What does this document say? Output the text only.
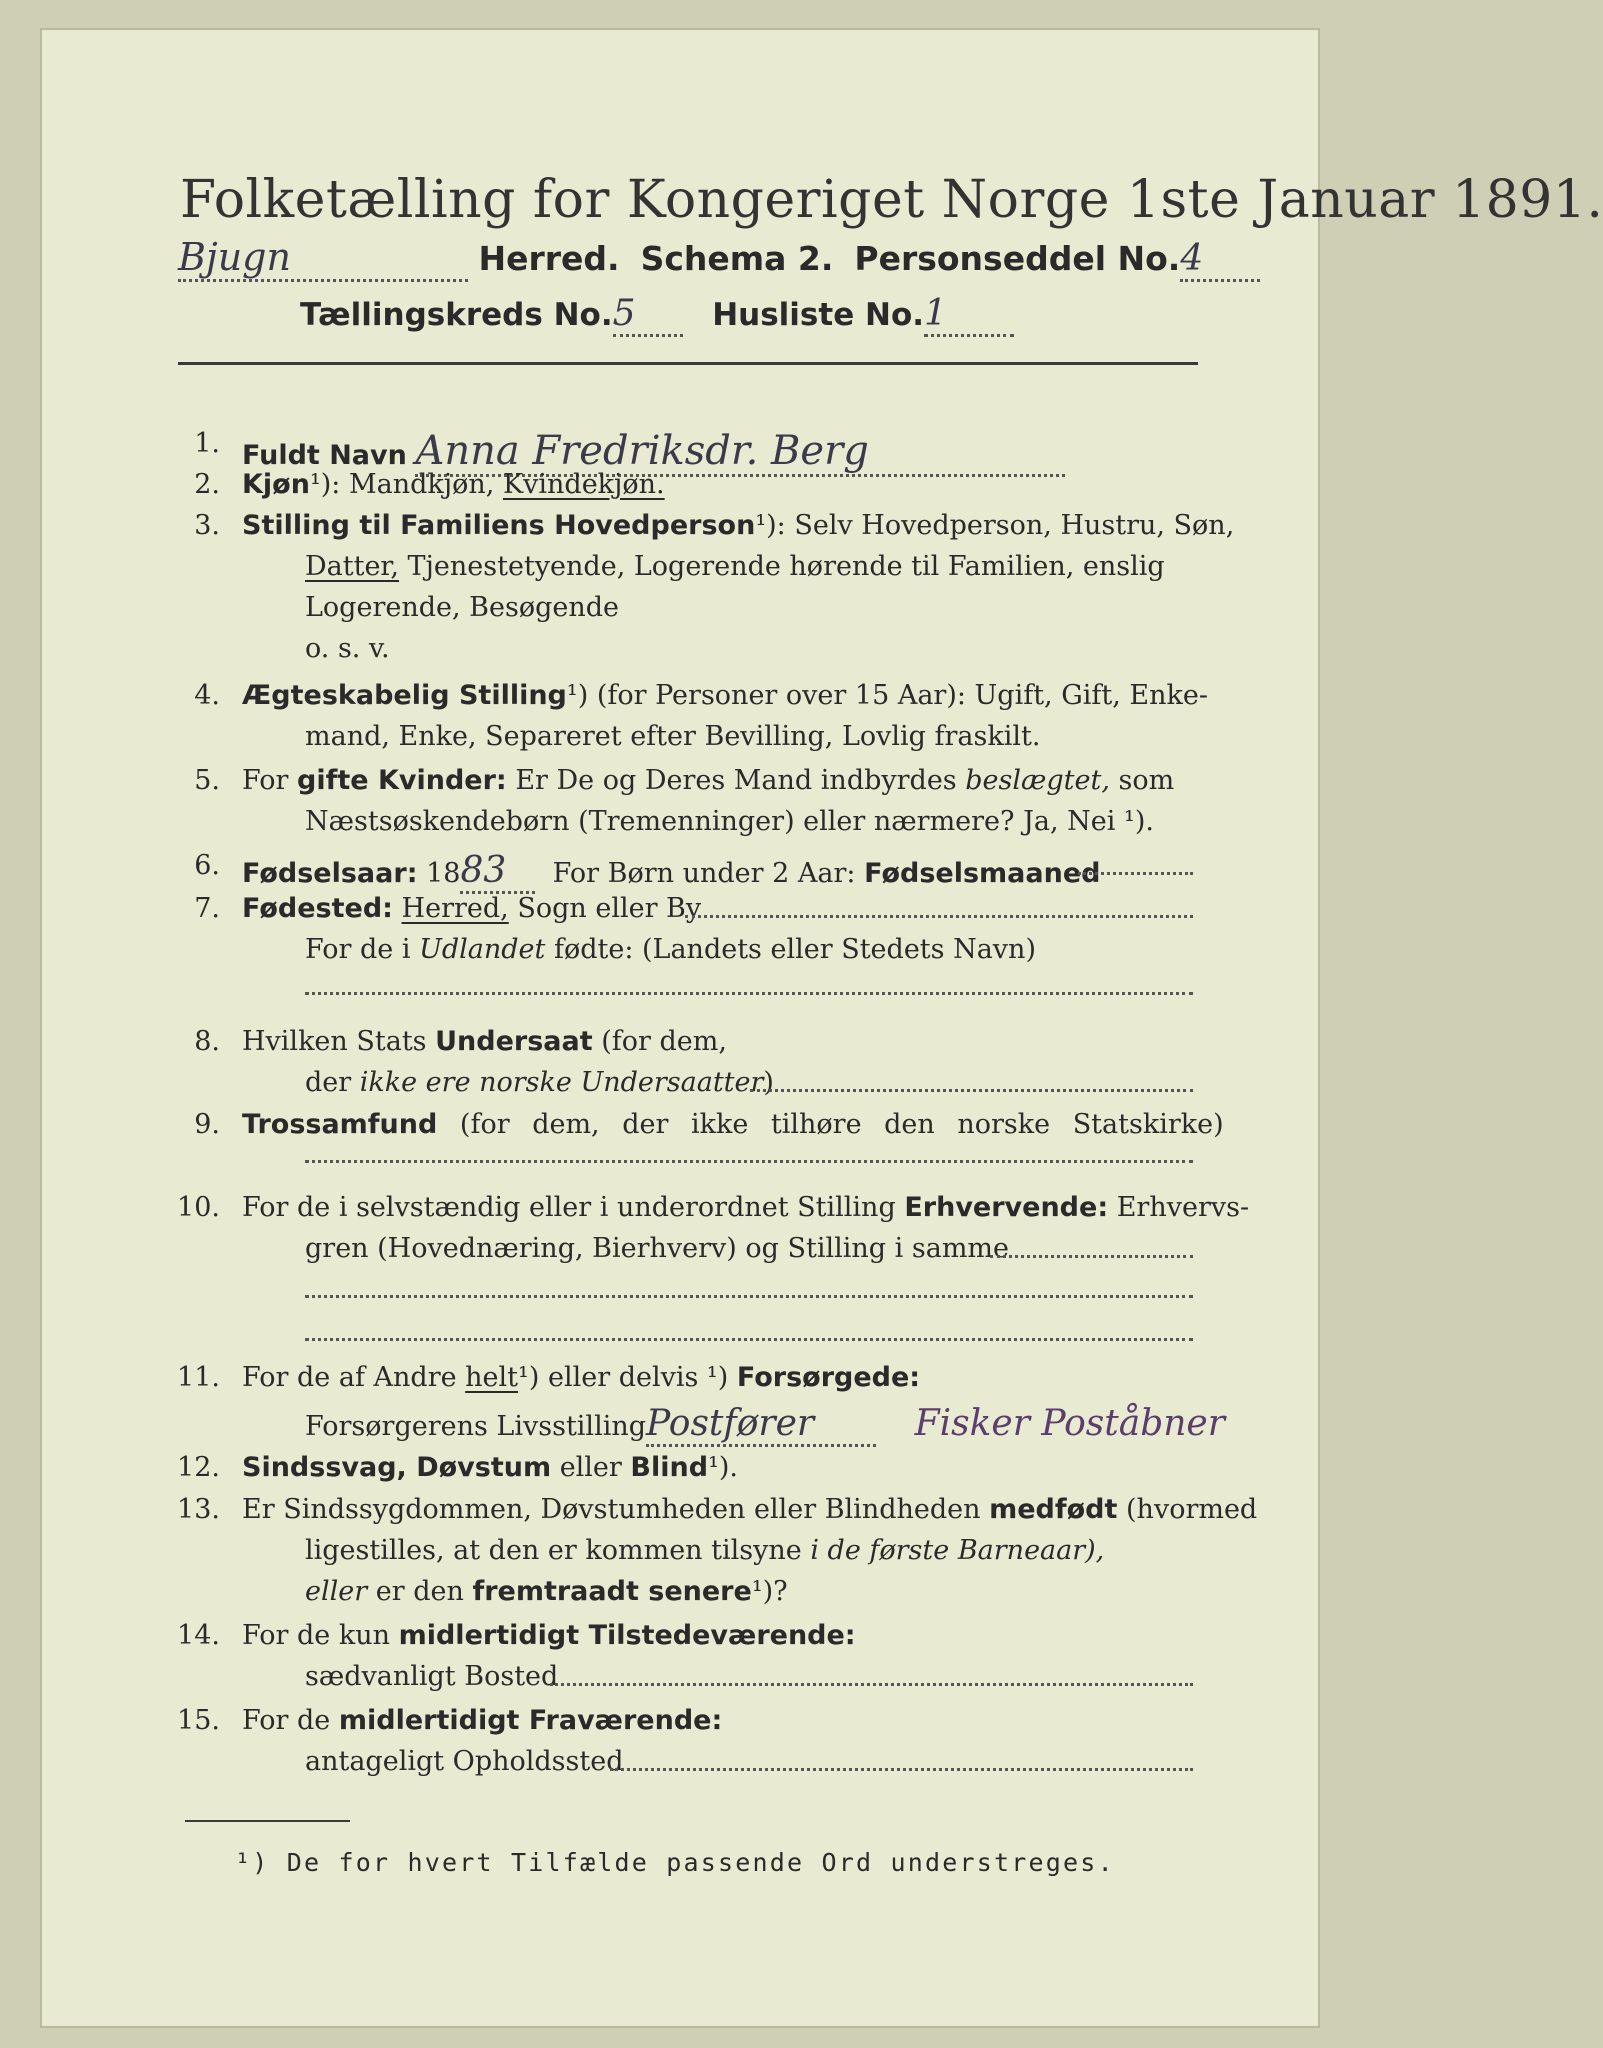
Folketælling for Kongeriget Norge 1ste Januar 1891.
Bjugn	Herred. Schema 2. Personseddel No.4
Tællingskreds No.5 Husliste No.1
1. Fuldt Navn Anna Fredriksdr. Berg
2. Kjøn¹): Mandkjøn, Kvindekjøn.
3. Stilling til Familiens Hovedperson¹): Selv Hovedperson, Hustru, Søn,
Datter, Tjenestetyende, Logerende hørende til Familien, enslig
Logerende, Besøgende
o. s. v.
4. Ægteskabelig Stilling¹) (for Personer over 15 Aar): Ugift, Gift, Enke-
mand, Enke, Separeret efter Bevilling, Lovlig fraskilt.
5. For gifte Kvinder: Er De og Deres Mand indbyrdes beslægtet, som
Næstsøskendebørn (Tremenninger) eller nærmere? Ja, Nei ¹).
6. Fødselsaar: 1883 For Børn under 2 Aar: Fødselsmaaned
7. Fødested: Herred, Sogn eller By
For de i Udlandet fødte: (Landets eller Stedets Navn)
8. Hvilken Stats Undersaat (for dem,
der ikke ere norske Undersaatter)
9. Trossamfund (for dem, der ikke tilhøre den norske Statskirke)
10. For de i selvstændig eller i underordnet Stilling Erhvervende: Erhvervs-
gren (Hovednæring, Bierhverv) og Stilling i samme
11. For de af Andre helt¹) eller delvis ¹) Forsørgede:
Forsørgerens LivsstillingPostfører	Fisker Poståbner
12. Sindssvag, Døvstum eller Blind¹).
13. Er Sindssygdommen, Døvstumheden eller Blindheden medfødt (hvormed
ligestilles, at den er kommen tilsyne i de første Barneaar),
eller er den fremtraadt senere¹)?
14. For de kun midlertidigt Tilstedeværende:
sædvanligt Bosted
15. For de midlertidigt Fraværende:
antageligt Opholdssted
¹) De for hvert Tilfælde passende Ord understreges.
